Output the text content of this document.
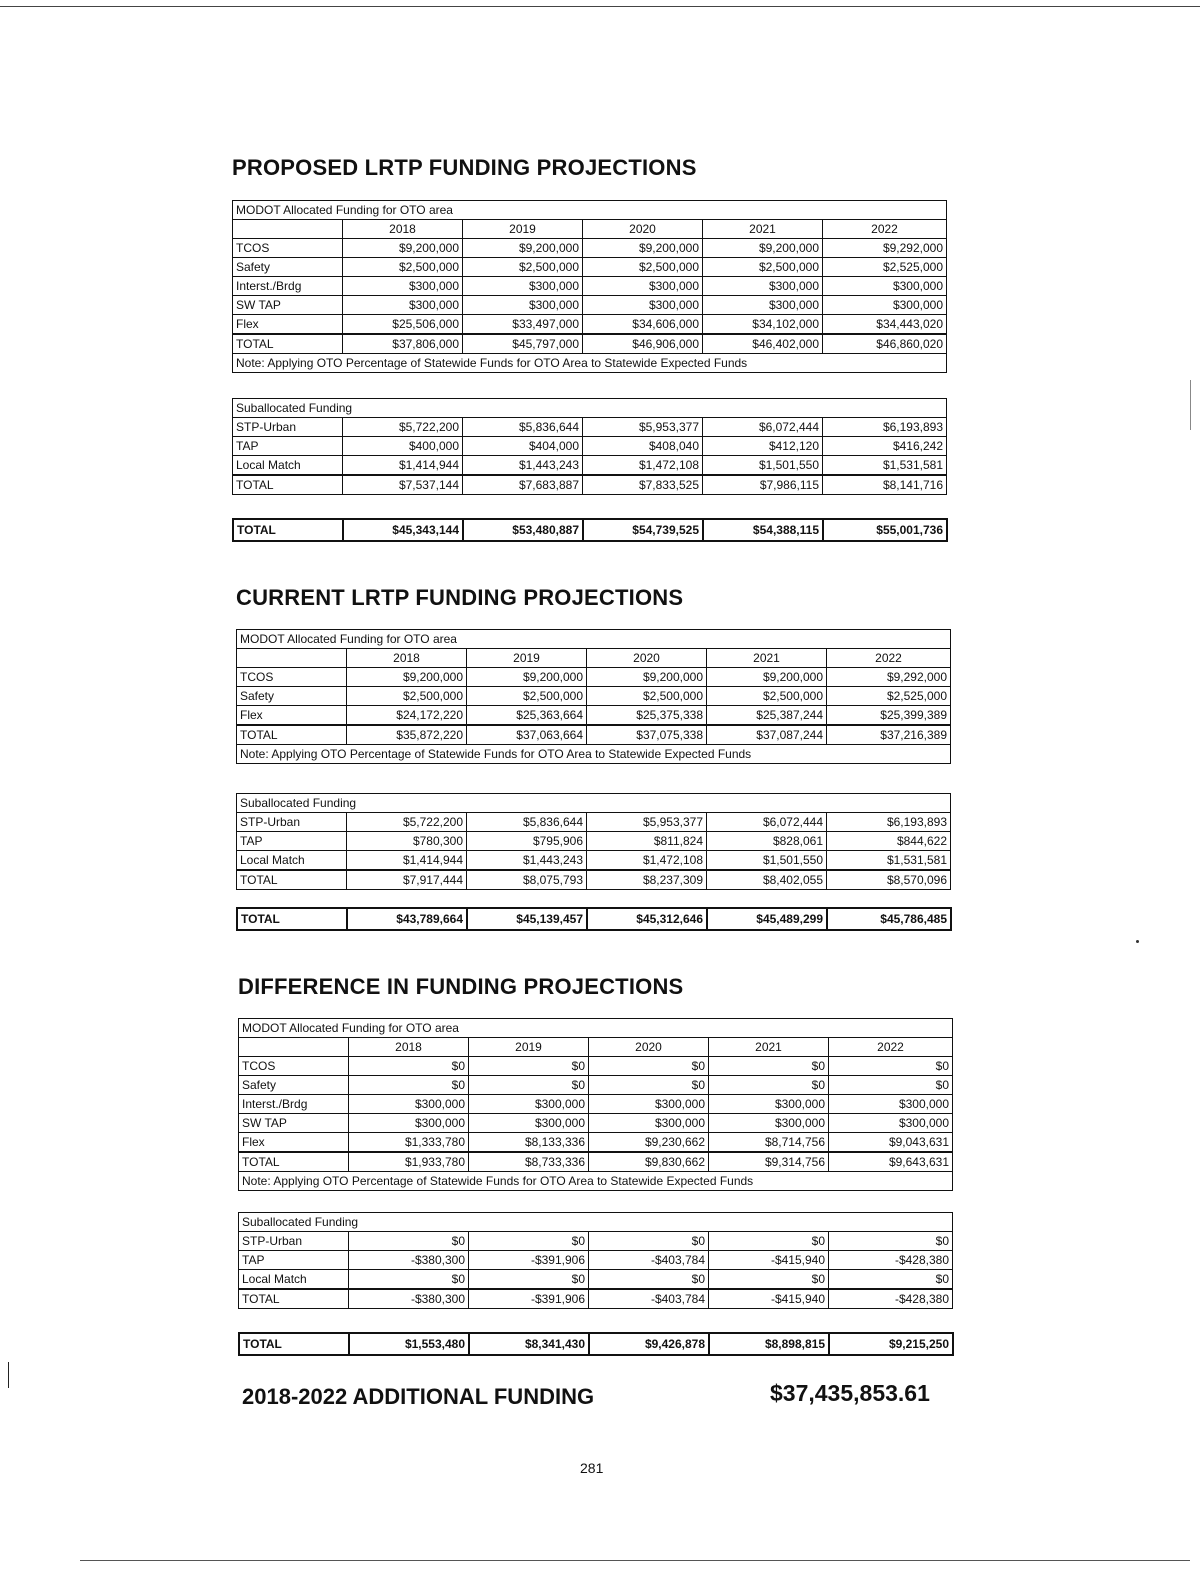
PROPOSED LRTP FUNDING PROJECTIONS
MODOT Allocated Funding for OTO area					
	2018	2019	2020	2021	2022
TCOS	$9,200,000	$9,200,000	$9,200,000	$9,200,000	$9,292,000
Safety	$2,500,000	$2,500,000	$2,500,000	$2,500,000	$2,525,000
Interst./Brdg	$300,000	$300,000	$300,000	$300,000	$300,000
SW TAP	$300,000	$300,000	$300,000	$300,000	$300,000
Flex	$25,506,000	$33,497,000	$34,606,000	$34,102,000	$34,443,020
TOTAL	$37,806,000	$45,797,000	$46,906,000	$46,402,000	$46,860,020
Note: Applying OTO Percentage of Statewide Funds for OTO Area to Statewide Expected Funds					
Suballocated Funding					
STP-Urban	$5,722,200	$5,836,644	$5,953,377	$6,072,444	$6,193,893
TAP	$400,000	$404,000	$408,040	$412,120	$416,242
Local Match	$1,414,944	$1,443,243	$1,472,108	$1,501,550	$1,531,581
TOTAL	$7,537,144	$7,683,887	$7,833,525	$7,986,115	$8,141,716
TOTAL	$45,343,144	$53,480,887	$54,739,525	$54,388,115	$55,001,736
CURRENT LRTP FUNDING PROJECTIONS
MODOT Allocated Funding for OTO area					
	2018	2019	2020	2021	2022
TCOS	$9,200,000	$9,200,000	$9,200,000	$9,200,000	$9,292,000
Safety	$2,500,000	$2,500,000	$2,500,000	$2,500,000	$2,525,000
Flex	$24,172,220	$25,363,664	$25,375,338	$25,387,244	$25,399,389
TOTAL	$35,872,220	$37,063,664	$37,075,338	$37,087,244	$37,216,389
Note: Applying OTO Percentage of Statewide Funds for OTO Area to Statewide Expected Funds					
Suballocated Funding					
STP-Urban	$5,722,200	$5,836,644	$5,953,377	$6,072,444	$6,193,893
TAP	$780,300	$795,906	$811,824	$828,061	$844,622
Local Match	$1,414,944	$1,443,243	$1,472,108	$1,501,550	$1,531,581
TOTAL	$7,917,444	$8,075,793	$8,237,309	$8,402,055	$8,570,096
TOTAL	$43,789,664	$45,139,457	$45,312,646	$45,489,299	$45,786,485
DIFFERENCE IN FUNDING PROJECTIONS
MODOT Allocated Funding for OTO area					
	2018	2019	2020	2021	2022
TCOS	$0	$0	$0	$0	$0
Safety	$0	$0	$0	$0	$0
Interst./Brdg	$300,000	$300,000	$300,000	$300,000	$300,000
SW TAP	$300,000	$300,000	$300,000	$300,000	$300,000
Flex	$1,333,780	$8,133,336	$9,230,662	$8,714,756	$9,043,631
TOTAL	$1,933,780	$8,733,336	$9,830,662	$9,314,756	$9,643,631
Note: Applying OTO Percentage of Statewide Funds for OTO Area to Statewide Expected Funds					
Suballocated Funding					
STP-Urban	$0	$0	$0	$0	$0
TAP	-$380,300	-$391,906	-$403,784	-$415,940	-$428,380
Local Match	$0	$0	$0	$0	$0
TOTAL	-$380,300	-$391,906	-$403,784	-$415,940	-$428,380
TOTAL	$1,553,480	$8,341,430	$9,426,878	$8,898,815	$9,215,250
2018-2022 ADDITIONAL FUNDING	$37,435,853.61
281
